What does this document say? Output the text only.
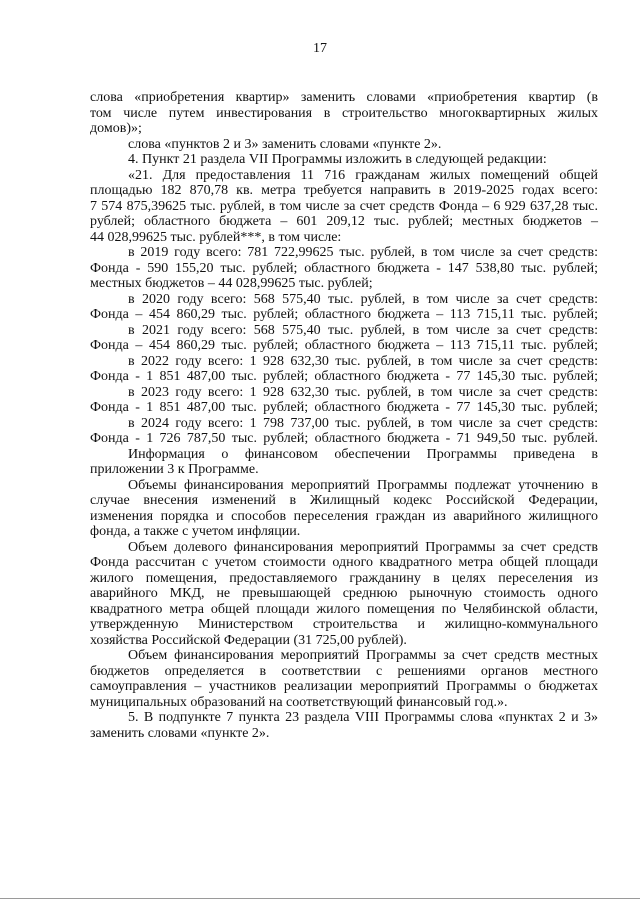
17
слова «приобретения квартир» заменить словами «приобретения квартир (в
том числе путем инвестирования в строительство многоквартирных жилых
домов)»;
слова «пунктов 2 и 3» заменить словами «пункте 2».
4. Пункт 21 раздела VII Программы изложить в следующей редакции:
«21. Для предоставления 11 716 гражданам жилых помещений общей
площадью 182 870,78 кв. метра требуется направить в 2019-2025 годах всего:
7 574 875,39625 тыс. рублей, в том числе за счет средств Фонда – 6 929 637,28 тыс.
рублей; областного бюджета – 601 209,12 тыс. рублей; местных бюджетов –
44 028,99625 тыс. рублей***, в том числе:
в 2019 году всего: 781 722,99625 тыс. рублей, в том числе за счет средств:
Фонда - 590 155,20 тыс. рублей; областного бюджета - 147 538,80 тыс. рублей;
местных бюджетов – 44 028,99625 тыс. рублей;
в 2020 году всего: 568 575,40 тыс. рублей, в том числе за счет средств:
Фонда – 454 860,29 тыс. рублей; областного бюджета – 113 715,11 тыс. рублей;
в 2021 году всего: 568 575,40 тыс. рублей, в том числе за счет средств:
Фонда – 454 860,29 тыс. рублей; областного бюджета – 113 715,11 тыс. рублей;
в 2022 году всего: 1 928 632,30 тыс. рублей, в том числе за счет средств:
Фонда - 1 851 487,00 тыс. рублей; областного бюджета - 77 145,30 тыс. рублей;
в 2023 году всего: 1 928 632,30 тыс. рублей, в том числе за счет средств:
Фонда - 1 851 487,00 тыс. рублей; областного бюджета - 77 145,30 тыс. рублей;
в 2024 году всего: 1 798 737,00 тыс. рублей, в том числе за счет средств:
Фонда - 1 726 787,50 тыс. рублей; областного бюджета - 71 949,50 тыс. рублей.
Информация о финансовом обеспечении Программы приведена в
приложении 3 к Программе.
Объемы финансирования мероприятий Программы подлежат уточнению в
случае внесения изменений в Жилищный кодекс Российской Федерации,
изменения порядка и способов переселения граждан из аварийного жилищного
фонда, а также с учетом инфляции.
Объем долевого финансирования мероприятий Программы за счет средств
Фонда рассчитан с учетом стоимости одного квадратного метра общей площади
жилого помещения, предоставляемого гражданину в целях переселения из
аварийного МКД, не превышающей среднюю рыночную стоимость одного
квадратного метра общей площади жилого помещения по Челябинской области,
утвержденную Министерством строительства и жилищно-коммунального
хозяйства Российской Федерации (31 725,00 рублей).
Объем финансирования мероприятий Программы за счет средств местных
бюджетов определяется в соответствии с решениями органов местного
самоуправления – участников реализации мероприятий Программы о бюджетах
муниципальных образований на соответствующий финансовый год.».
5. В подпункте 7 пункта 23 раздела VIII Программы слова «пунктах 2 и 3»
заменить словами «пункте 2».
